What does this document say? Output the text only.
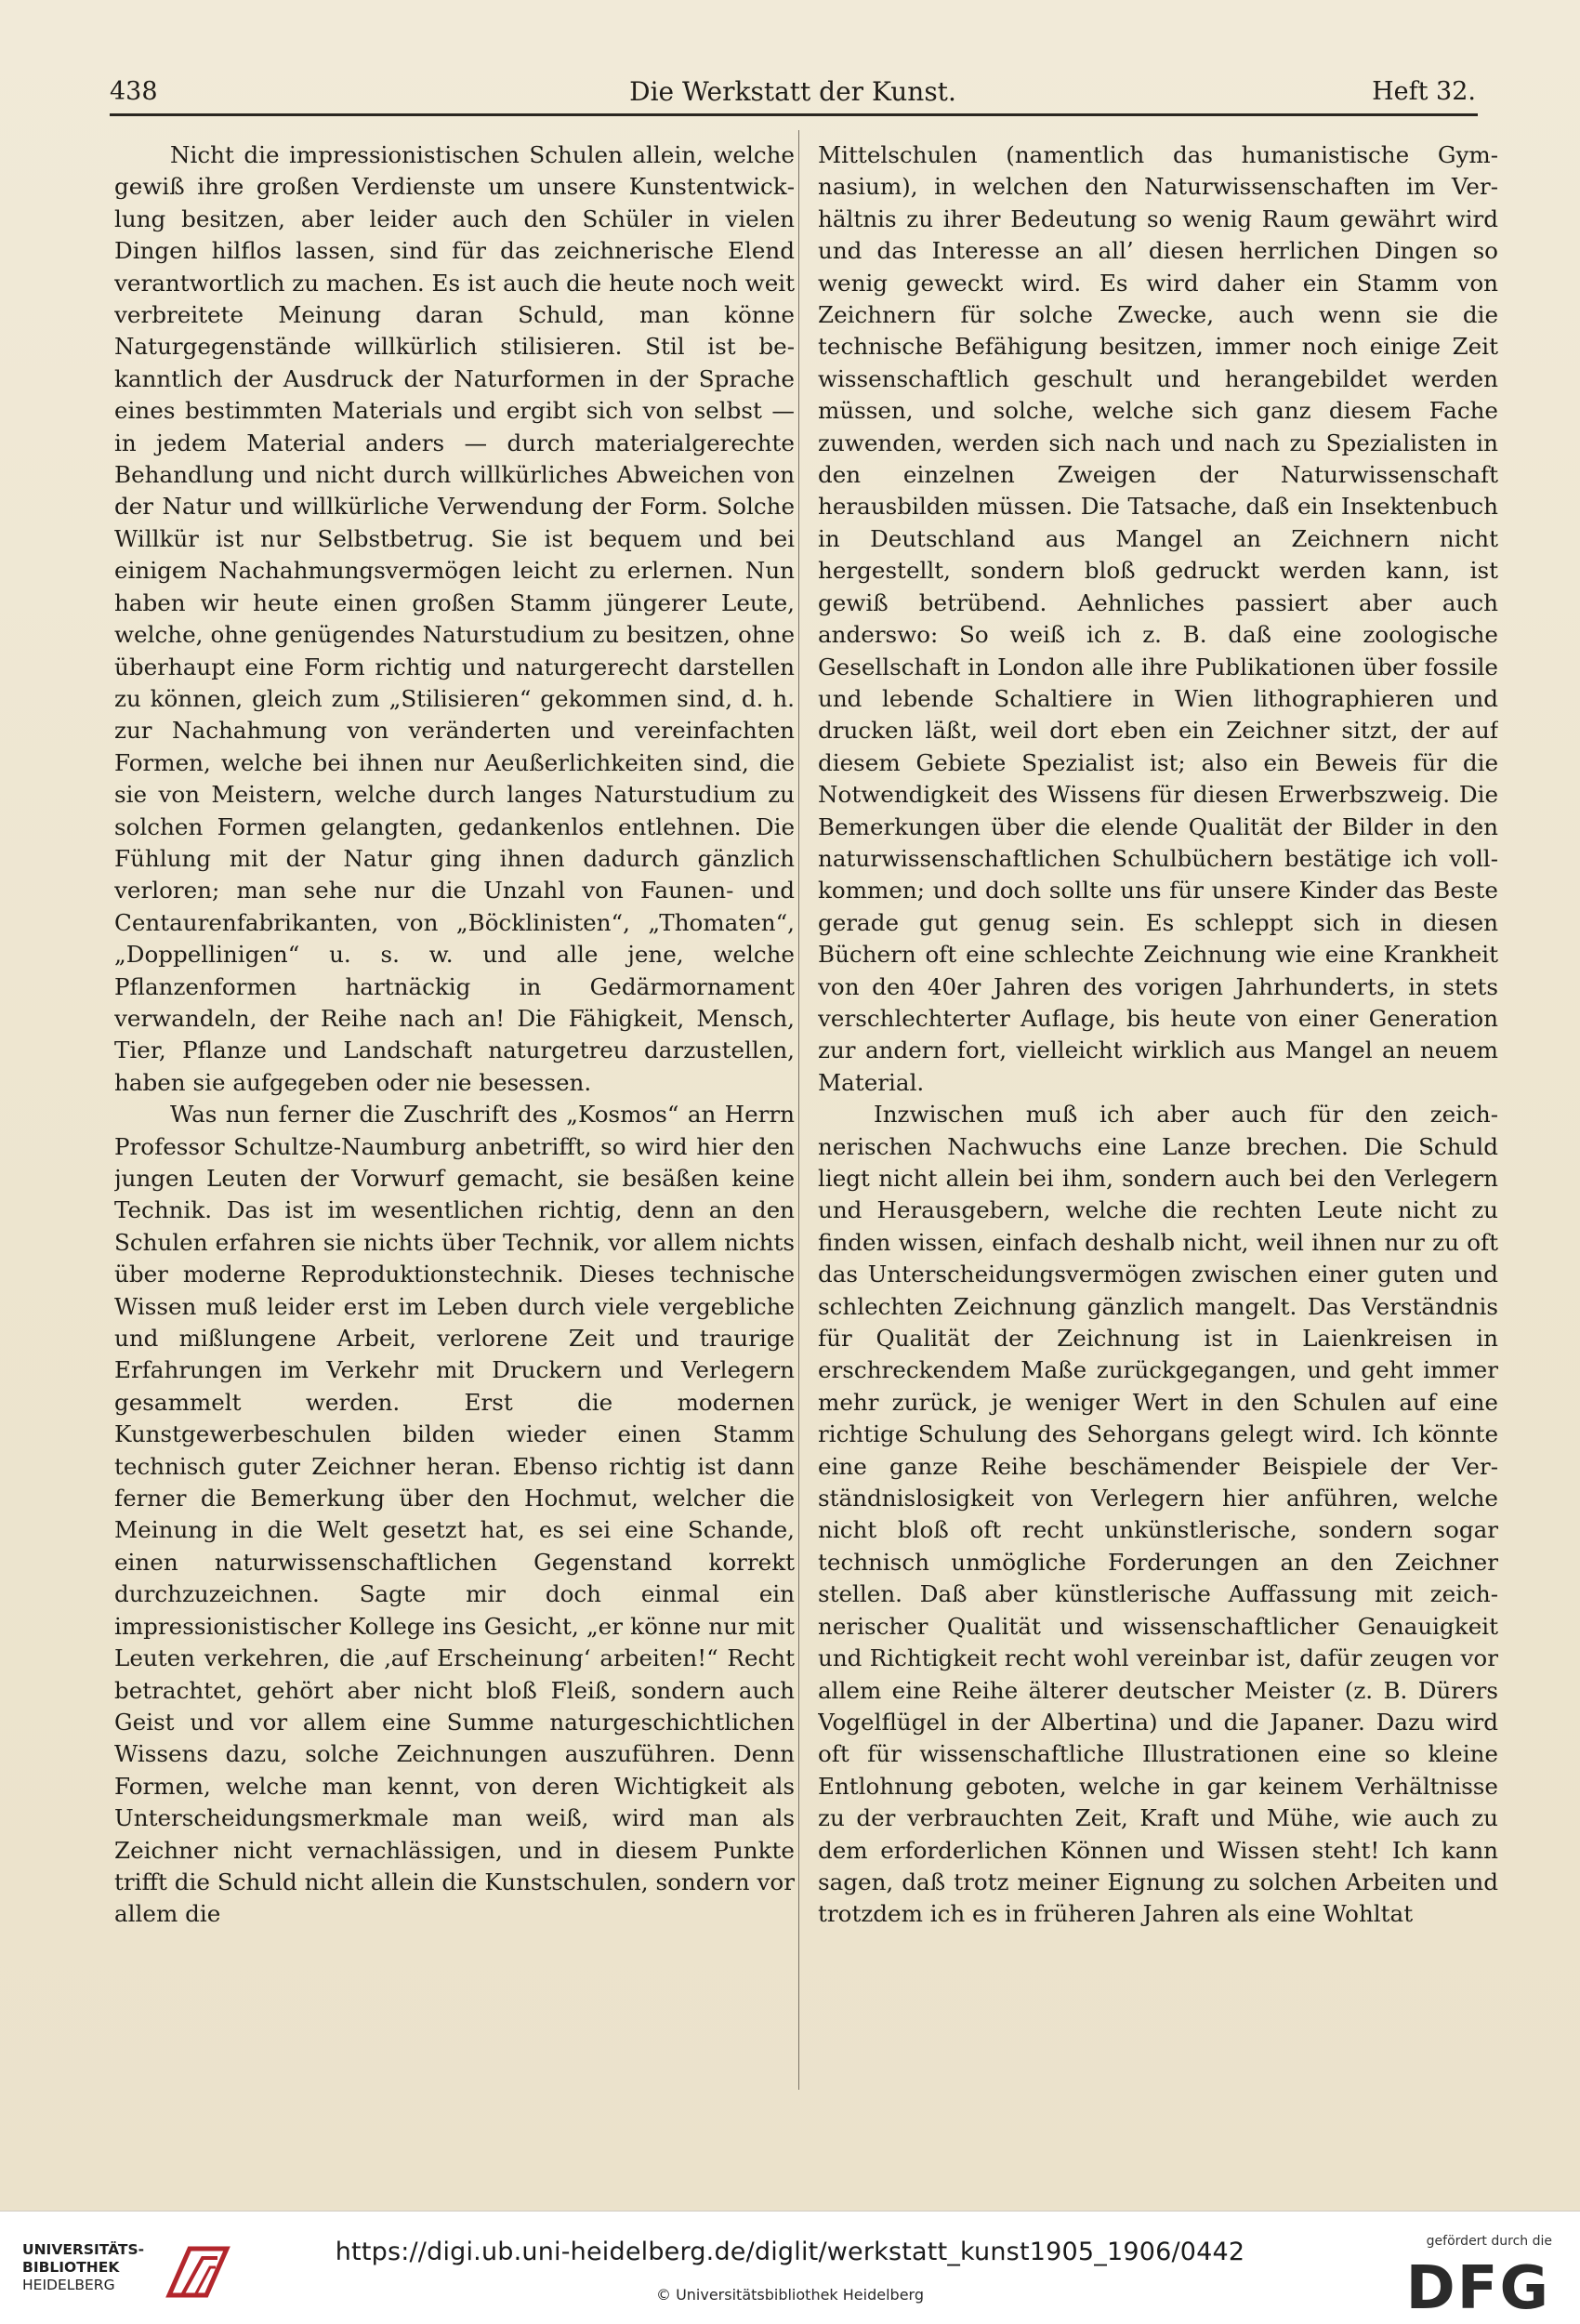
438	Die Werkstatt der Kunst.	Heft 32.

Nicht die impressionistischen Schulen allein, welche gewiß ihre großen Verdienste um unsere Kunstentwicklung besitzen, aber leider auch den Schüler in vielen Dingen hilflos lassen, sind für das zeichnerische Elend verantwortlich zu machen. Es ist auch die heute noch weit verbreitete Meinung daran Schuld, man könne Naturgegenstände willkürlich stilisieren. Stil ist bekanntlich der Ausdruck der Naturformen in der Sprache eines bestimmten Materials und ergibt sich von selbst — in jedem Material anders — durch materialgerechte Behandlung und nicht durch willkürliches Abweichen von der Natur und willkürliche Verwendung der Form. Solche Willkür ist nur Selbstbetrug. Sie ist bequem und bei einigem Nachahmungsvermögen leicht zu erlernen. Nun haben wir heute einen großen Stamm jüngerer Leute, welche, ohne genügendes Naturstudium zu besitzen, ohne überhaupt eine Form richtig und naturgerecht darstellen zu können, gleich zum „Stilisieren“ gekommen sind, d. h. zur Nachahmung von veränderten und vereinfachten Formen, welche bei ihnen nur Aeußerlichkeiten sind, die sie von Meistern, welche durch langes Naturstudium zu solchen Formen gelangten, gedankenlos entlehnen. Die Fühlung mit der Natur ging ihnen dadurch gänzlich verloren; man sehe nur die Unzahl von Faunen- und Centaurenfabrikanten, von „Böcklinisten“, „Thomaten“, „Doppellinigen“ u. s. w. und alle jene, welche Pflanzenformen hartnäckig in Gedärmornament verwandeln, der Reihe nach an! Die Fähigkeit, Mensch, Tier, Pflanze und Landschaft naturgetreu darzustellen, haben sie aufgegeben oder nie besessen.

Was nun ferner die Zuschrift des „Kosmos“ an Herrn Professor Schultze-Naumburg anbetrifft, so wird hier den jungen Leuten der Vorwurf gemacht, sie besäßen keine Technik. Das ist im wesentlichen richtig, denn an den Schulen erfahren sie nichts über Technik, vor allem nichts über moderne Reproduktionstechnik. Dieses technische Wissen muß leider erst im Leben durch viele vergebliche und mißlungene Arbeit, verlorene Zeit und traurige Erfahrungen im Verkehr mit Druckern und Verlegern gesammelt werden. Erst die modernen Kunstgewerbeschulen bilden wieder einen Stamm technisch guter Zeichner heran. Ebenso richtig ist dann ferner die Bemerkung über den Hochmut, welcher die Meinung in die Welt gesetzt hat, es sei eine Schande, einen naturwissenschaftlichen Gegenstand korrekt durchzuzeichnen. Sagte mir doch einmal ein impressionistischer Kollege ins Gesicht, „er könne nur mit Leuten verkehren, die ‚auf Erscheinung‘ arbeiten!“ Recht betrachtet, gehört aber nicht bloß Fleiß, sondern auch Geist und vor allem eine Summe naturgeschichtlichen Wissens dazu, solche Zeichnungen auszuführen. Denn Formen, welche man kennt, von deren Wichtigkeit als Unterscheidungsmerkmale man weiß, wird man als Zeichner nicht vernachlässigen, und in diesem Punkte trifft die Schuld nicht allein die Kunstschulen, sondern vor allem die

Mittelschulen (namentlich das humanistische Gymnasium), in welchen den Naturwissenschaften im Verhältnis zu ihrer Bedeutung so wenig Raum gewährt wird und das Interesse an all’ diesen herrlichen Dingen so wenig geweckt wird. Es wird daher ein Stamm von Zeichnern für solche Zwecke, auch wenn sie die technische Befähigung besitzen, immer noch einige Zeit wissenschaftlich geschult und herangebildet werden müssen, und solche, welche sich ganz diesem Fache zuwenden, werden sich nach und nach zu Spezialisten in den einzelnen Zweigen der Naturwissenschaft herausbilden müssen. Die Tatsache, daß ein Insektenbuch in Deutschland aus Mangel an Zeichnern nicht hergestellt, sondern bloß gedruckt werden kann, ist gewiß betrübend. Aehnliches passiert aber auch anderswo: So weiß ich z. B. daß eine zoologische Gesellschaft in London alle ihre Publikationen über fossile und lebende Schaltiere in Wien lithographieren und drucken läßt, weil dort eben ein Zeichner sitzt, der auf diesem Gebiete Spezialist ist; also ein Beweis für die Notwendigkeit des Wissens für diesen Erwerbszweig. Die Bemerkungen über die elende Qualität der Bilder in den naturwissenschaftlichen Schulbüchern bestätige ich vollkommen; und doch sollte uns für unsere Kinder das Beste gerade gut genug sein. Es schleppt sich in diesen Büchern oft eine schlechte Zeichnung wie eine Krankheit von den 40er Jahren des vorigen Jahrhunderts, in stets verschlechterter Auflage, bis heute von einer Generation zur andern fort, vielleicht wirklich aus Mangel an neuem Material.

Inzwischen muß ich aber auch für den zeichnerischen Nachwuchs eine Lanze brechen. Die Schuld liegt nicht allein bei ihm, sondern auch bei den Verlegern und Herausgebern, welche die rechten Leute nicht zu finden wissen, einfach deshalb nicht, weil ihnen nur zu oft das Unterscheidungsvermögen zwischen einer guten und schlechten Zeichnung gänzlich mangelt. Das Verständnis für Qualität der Zeichnung ist in Laienkreisen in erschreckendem Maße zurückgegangen, und geht immer mehr zurück, je weniger Wert in den Schulen auf eine richtige Schulung des Sehorgans gelegt wird. Ich könnte eine ganze Reihe beschämender Beispiele der Verständnislosigkeit von Verlegern hier anführen, welche nicht bloß oft recht unkünstlerische, sondern sogar technisch unmögliche Forderungen an den Zeichner stellen. Daß aber künstlerische Auffassung mit zeichnerischer Qualität und wissenschaftlicher Genauigkeit und Richtigkeit recht wohl vereinbar ist, dafür zeugen vor allem eine Reihe älterer deutscher Meister (z. B. Dürers Vogelflügel in der Albertina) und die Japaner. Dazu wird oft für wissenschaftliche Illustrationen eine so kleine Entlohnung geboten, welche in gar keinem Verhältnisse zu der verbrauchten Zeit, Kraft und Mühe, wie auch zu dem erforderlichen Können und Wissen steht! Ich kann sagen, daß trotz meiner Eignung zu solchen Arbeiten und trotzdem ich es in früheren Jahren als eine Wohltat

UNIVERSITÄTS-
BIBLIOTHEK
HEIDELBERG
https://digi.ub.uni-heidelberg.de/diglit/werkstatt_kunst1905_1906/0442
© Universitätsbibliothek Heidelberg
gefördert durch die
DFG
